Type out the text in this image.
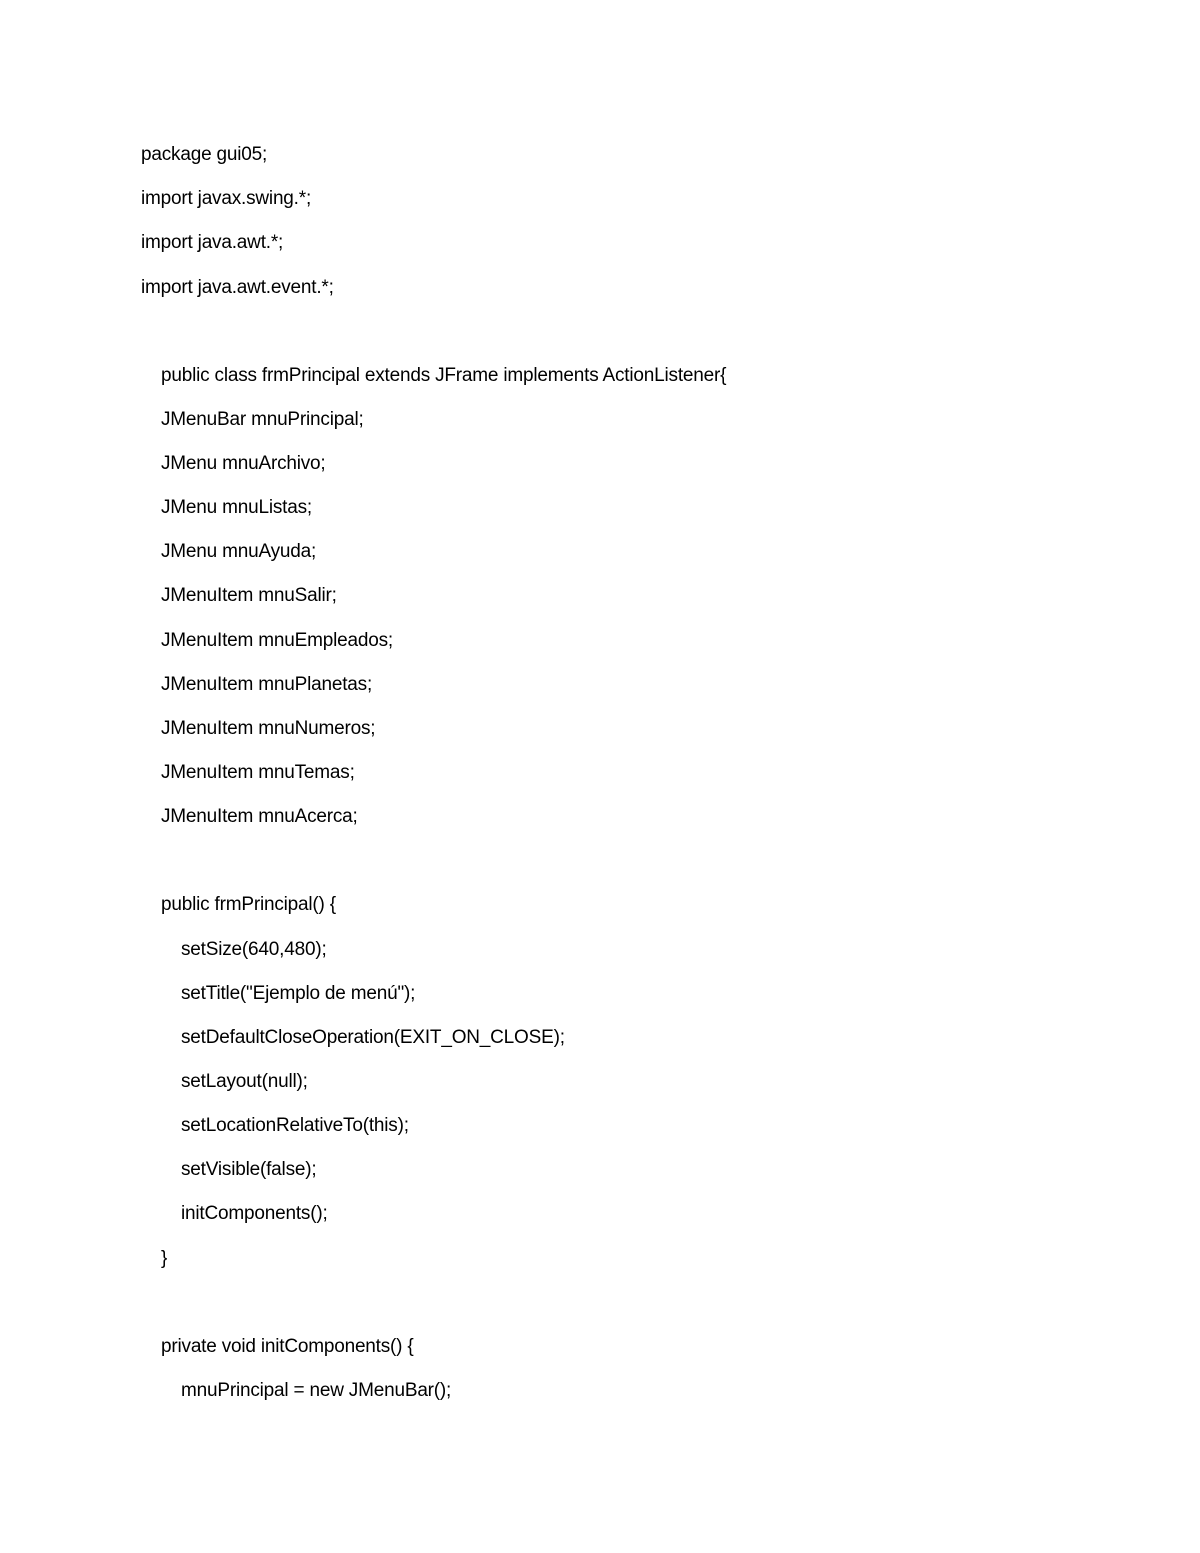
package gui05;
import javax.swing.*;
import java.awt.*;
import java.awt.event.*;
public class frmPrincipal extends JFrame implements ActionListener{
JMenuBar mnuPrincipal;
JMenu mnuArchivo;
JMenu mnuListas;
JMenu mnuAyuda;
JMenuItem mnuSalir;
JMenuItem mnuEmpleados;
JMenuItem mnuPlanetas;
JMenuItem mnuNumeros;
JMenuItem mnuTemas;
JMenuItem mnuAcerca;
public frmPrincipal() {
setSize(640,480);
setTitle("Ejemplo de menú");
setDefaultCloseOperation(EXIT_ON_CLOSE);
setLayout(null);
setLocationRelativeTo(this);
setVisible(false);
initComponents();
}
private void initComponents() {
mnuPrincipal = new JMenuBar();
